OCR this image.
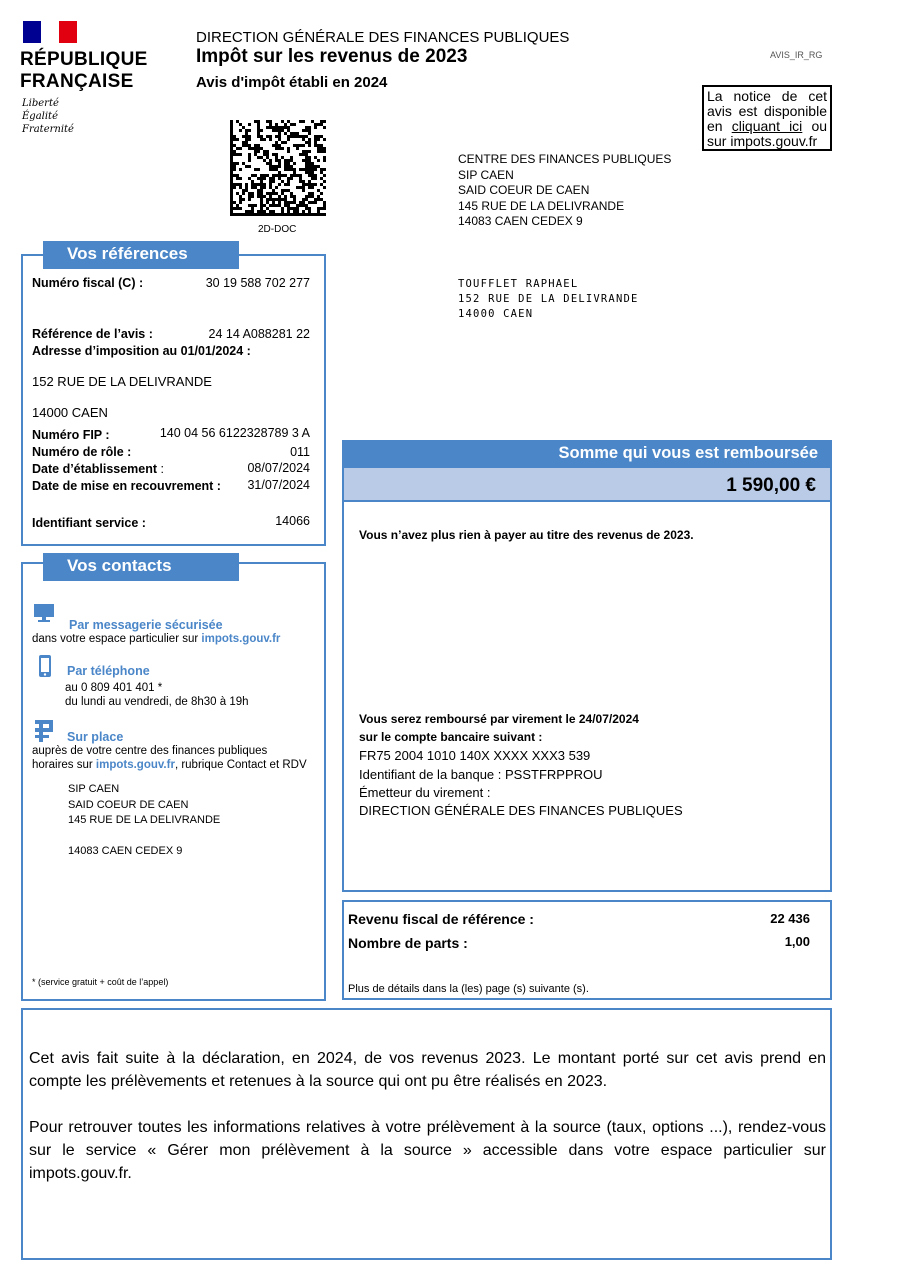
RÉPUBLIQUE
FRANÇAISE
Liberté
Égalité
Fraternité
DIRECTION GÉNÉRALE DES FINANCES PUBLIQUES
Impôt sur les revenus de 2023
Avis d'impôt établi en 2024
AVIS_IR_RG
La notice de cet avis est disponible en cliquant ici ou sur impots.gouv.fr
2D-DOC
CENTRE DES FINANCES PUBLIQUES
SIP CAEN
SAID COEUR DE CAEN
145 RUE DE LA DELIVRANDE
14083 CAEN CEDEX 9
TOUFFLET RAPHAEL
152 RUE DE LA DELIVRANDE
14000 CAEN
Vos références
Numéro fiscal (C) :	30 19 588 702 277
Référence de l’avis :	24 14 A088281 22
Adresse d’imposition au 01/01/2024 :
152 RUE DE LA DELIVRANDE
14000 CAEN
Numéro FIP :	140 04 56 6122328789 3 A
Numéro de rôle :	011
Date d’établissement :	08/07/2024
Date de mise en recouvrement : 31/07/2024
Identifiant service :	14066
Vos contacts
Par messagerie sécurisée
dans votre espace particulier sur impots.gouv.fr
Par téléphone
au 0 809 401 401 *
du lundi au vendredi, de 8h30 à 19h
Sur place
auprès de votre centre des finances publiques
horaires sur impots.gouv.fr, rubrique Contact et RDV
SIP CAEN
SAID COEUR DE CAEN
145 RUE DE LA DELIVRANDE
14083 CAEN CEDEX 9
* (service gratuit + coût de l’appel)
Somme qui vous est remboursée
1 590,00 €
Vous n’avez plus rien à payer au titre des revenus de 2023.
Vous serez remboursé par virement le 24/07/2024
sur le compte bancaire suivant :
FR75 2004 1010 140X XXXX XXX3 539
Identifiant de la banque : PSSTFRPPROU
Émetteur du virement :
DIRECTION GÉNÉRALE DES FINANCES PUBLIQUES
Revenu fiscal de référence :	22 436
Nombre de parts :	1,00
Plus de détails dans la (les) page (s) suivante (s).
Cet avis fait suite à la déclaration, en 2024, de vos revenus 2023. Le montant porté sur cet avis prend en compte les prélèvements et retenues à la source qui ont pu être réalisés en 2023.
Pour retrouver toutes les informations relatives à votre prélèvement à la source (taux, options ...), rendez-vous sur le service « Gérer mon prélèvement à la source » accessible dans votre espace particulier sur impots.gouv.fr.
